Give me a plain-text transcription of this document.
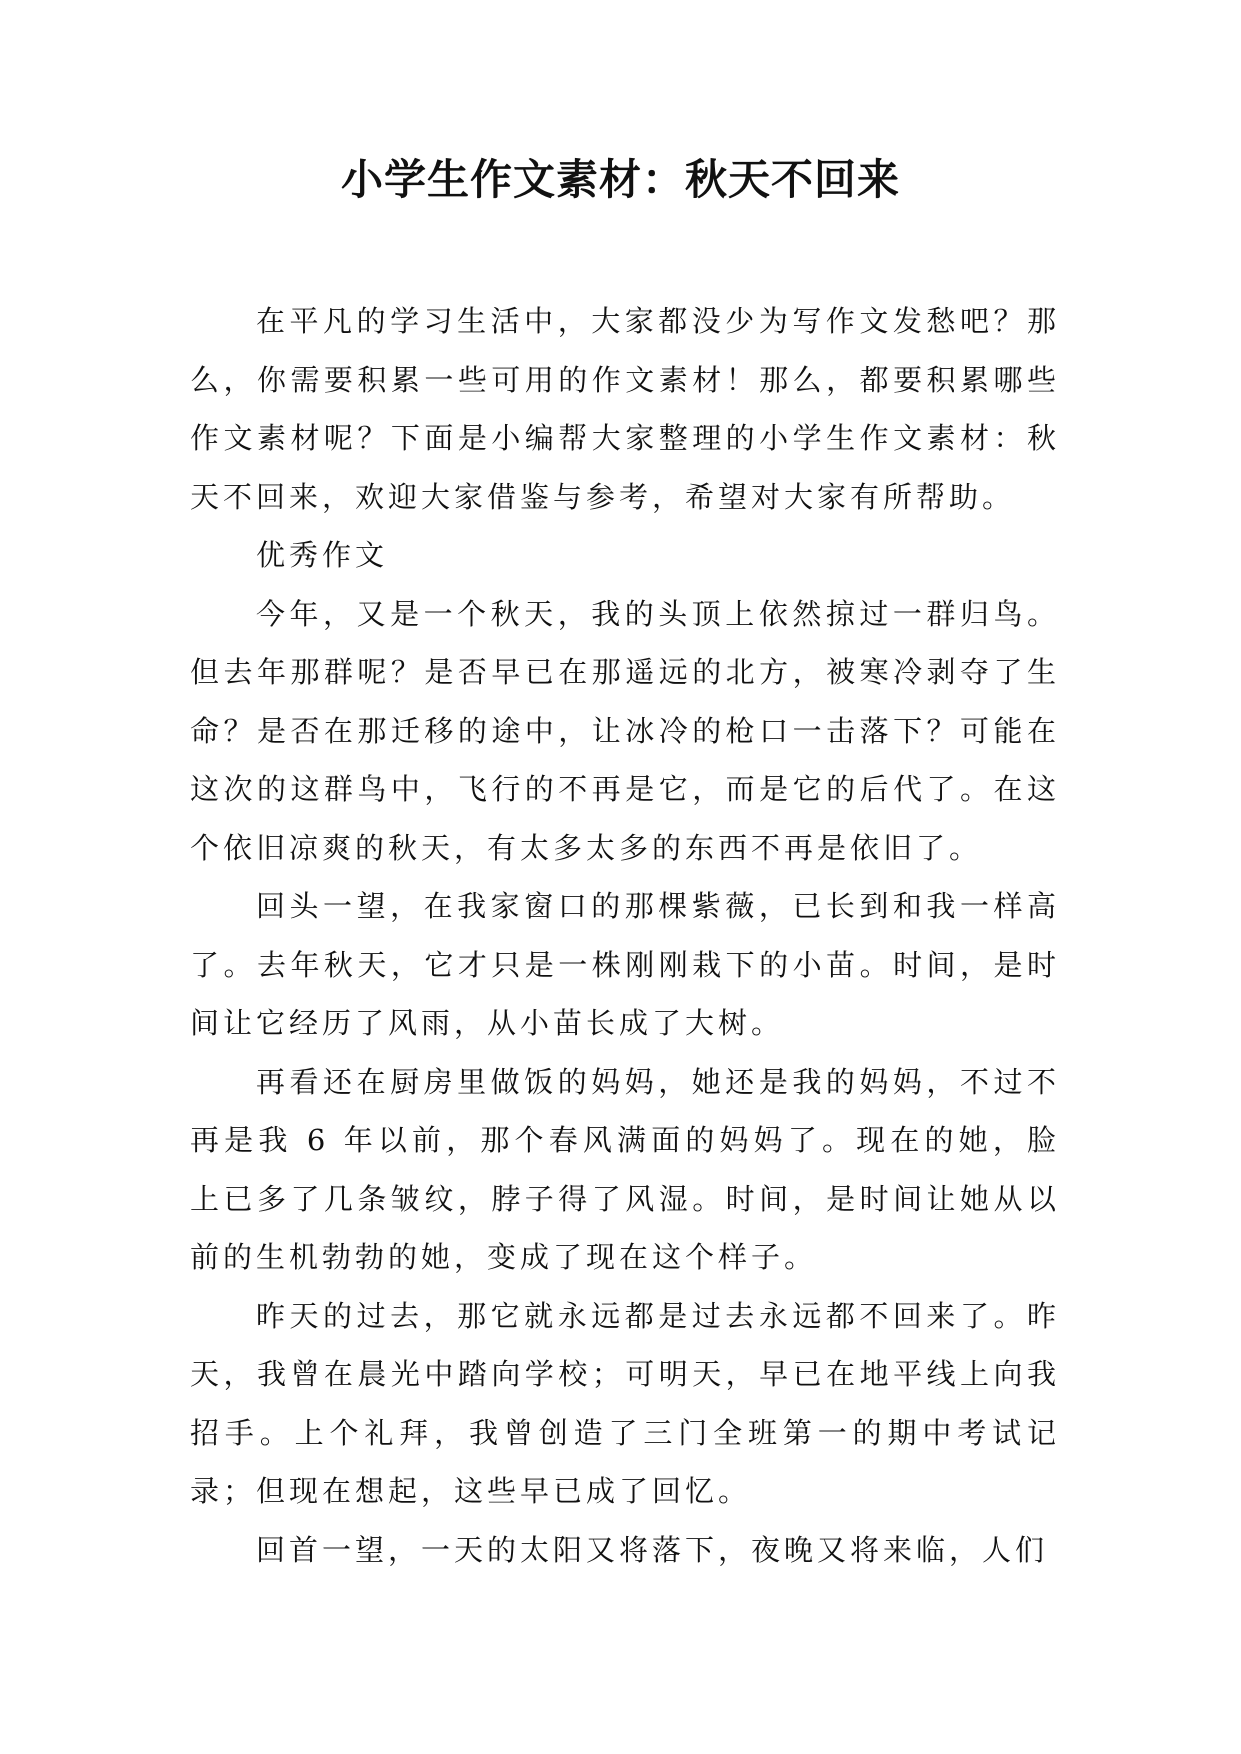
小学生作文素材：秋天不回来

在平凡的学习生活中，大家都没少为写作文发愁吧？那么，你需要积累一些可用的作文素材！那么，都要积累哪些作文素材呢？下面是小编帮大家整理的小学生作文素材：秋天不回来，欢迎大家借鉴与参考，希望对大家有所帮助。

优秀作文

今年，又是一个秋天，我的头顶上依然掠过一群归鸟。但去年那群呢？是否早已在那遥远的北方，被寒冷剥夺了生命？是否在那迁移的途中，让冰冷的枪口一击落下？可能在这次的这群鸟中，飞行的不再是它，而是它的后代了。在这个依旧凉爽的秋天，有太多太多的东西不再是依旧了。

回头一望，在我家窗口的那棵紫薇，已长到和我一样高了。去年秋天，它才只是一株刚刚栽下的小苗。时间，是时间让它经历了风雨，从小苗长成了大树。

再看还在厨房里做饭的妈妈，她还是我的妈妈，不过不再是我 6 年以前，那个春风满面的妈妈了。现在的她，脸上已多了几条皱纹，脖子得了风湿。时间，是时间让她从以前的生机勃勃的她，变成了现在这个样子。

昨天的过去，那它就永远都是过去永远都不回来了。昨天，我曾在晨光中踏向学校；可明天，早已在地平线上向我招手。上个礼拜，我曾创造了三门全班第一的期中考试记录；但现在想起，这些早已成了回忆。

回首一望，一天的太阳又将落下，夜晚又将来临，人们
